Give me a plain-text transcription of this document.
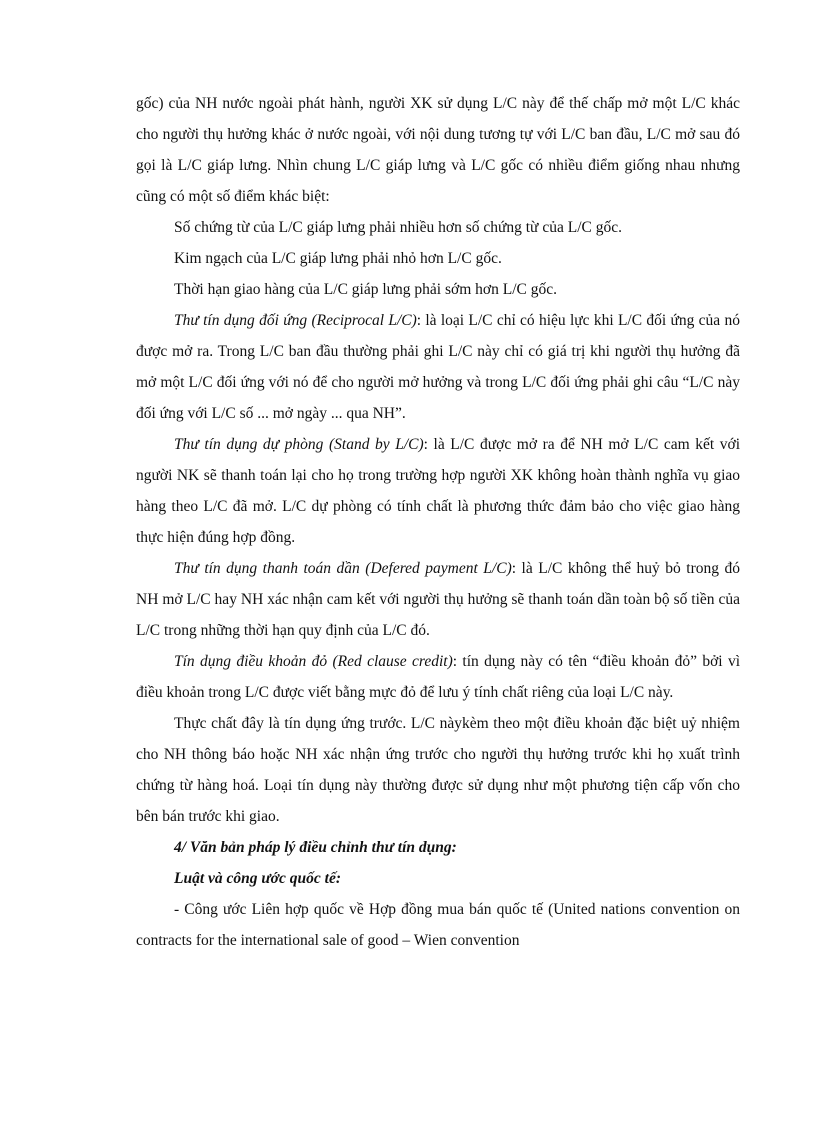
gốc) của NH nước ngoài phát hành, người XK sử dụng L/C này để thế chấp mở một L/C khác cho người thụ hưởng khác ở nước ngoài, với nội dung tương tự với L/C ban đầu, L/C mở sau đó gọi là L/C giáp lưng. Nhìn chung L/C giáp lưng và L/C gốc có nhiều điểm giống nhau nhưng cũng có một số điểm khác biệt:

Số chứng từ của L/C giáp lưng phải nhiều hơn số chứng từ của L/C gốc.

Kim ngạch của L/C giáp lưng phải nhỏ hơn L/C gốc.

Thời hạn giao hàng của L/C giáp lưng phải sớm hơn L/C gốc.

Thư tín dụng đối ứng (Reciprocal L/C): là loại L/C chỉ có hiệu lực khi L/C đối ứng của nó được mở ra. Trong L/C ban đầu thường phải ghi L/C này chỉ có giá trị khi người thụ hưởng đã mở một L/C đối ứng với nó để cho người mở hưởng và trong L/C đối ứng phải ghi câu “L/C này đối ứng với L/C số ... mở ngày ... qua NH”.

Thư tín dụng dự phòng (Stand by L/C): là L/C được mở ra để NH mở L/C cam kết với người NK sẽ thanh toán lại cho họ trong trường hợp người XK không hoàn thành nghĩa vụ giao hàng theo L/C đã mở. L/C dự phòng có tính chất là phương thức đảm bảo cho việc giao hàng thực hiện đúng hợp đồng.

Thư tín dụng thanh toán dần (Defered payment L/C): là L/C không thể huỷ bỏ trong đó NH mở L/C hay NH xác nhận cam kết với người thụ hưởng sẽ thanh toán dần toàn bộ số tiền của L/C trong những thời hạn quy định của L/C đó.

Tín dụng điều khoản đỏ (Red clause credit): tín dụng này có tên “điều khoản đỏ” bởi vì điều khoản trong L/C được viết bằng mực đỏ để lưu ý tính chất riêng của loại L/C này.

Thực chất đây là tín dụng ứng trước. L/C nàykèm theo một điều khoản đặc biệt uỷ nhiệm cho NH thông báo hoặc NH xác nhận ứng trước cho người thụ hưởng trước khi họ xuất trình chứng từ hàng hoá. Loại tín dụng này thường được sử dụng như một phương tiện cấp vốn cho bên bán trước khi giao.

4/ Văn bản pháp lý điều chỉnh thư tín dụng:

Luật và công ước quốc tế:

- Công ước Liên hợp quốc về Hợp đồng mua bán quốc tế (United nations convention on contracts for the international sale of good – Wien convention
